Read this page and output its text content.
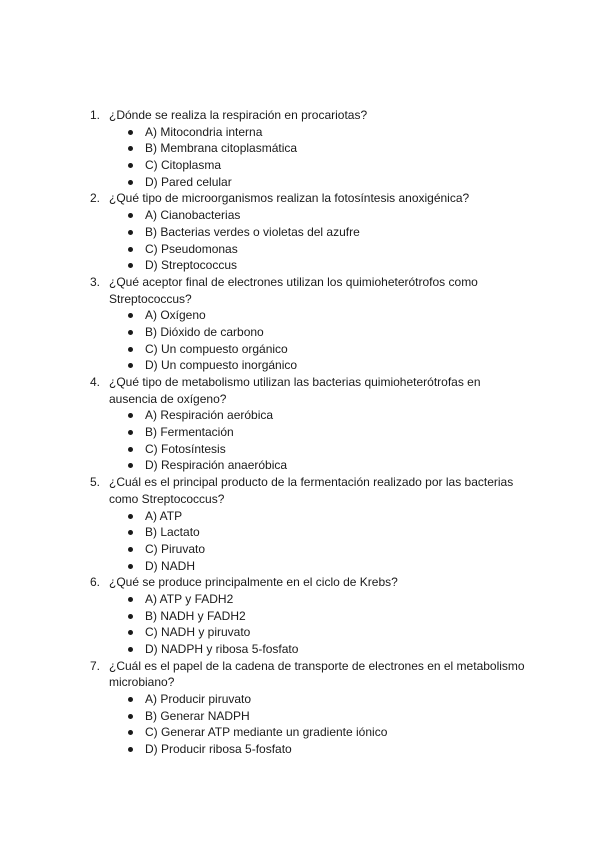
1. ¿Dónde se realiza la respiración en procariotas?
A) Mitocondria interna
B) Membrana citoplasmática
C) Citoplasma
D) Pared celular
2. ¿Qué tipo de microorganismos realizan la fotosíntesis anoxigénica?
A) Cianobacterias
B) Bacterias verdes o violetas del azufre
C) Pseudomonas
D) Streptococcus
3. ¿Qué aceptor final de electrones utilizan los quimioheterótrofos como
Streptococcus?
A) Oxígeno
B) Dióxido de carbono
C) Un compuesto orgánico
D) Un compuesto inorgánico
4. ¿Qué tipo de metabolismo utilizan las bacterias quimioheterótrofas en
ausencia de oxígeno?
A) Respiración aeróbica
B) Fermentación
C) Fotosíntesis
D) Respiración anaeróbica
5. ¿Cuál es el principal producto de la fermentación realizado por las bacterias
como Streptococcus?
A) ATP
B) Lactato
C) Piruvato
D) NADH
6. ¿Qué se produce principalmente en el ciclo de Krebs?
A) ATP y FADH2
B) NADH y FADH2
C) NADH y piruvato
D) NADPH y ribosa 5-fosfato
7. ¿Cuál es el papel de la cadena de transporte de electrones en el metabolismo
microbiano?
A) Producir piruvato
B) Generar NADPH
C) Generar ATP mediante un gradiente iónico
D) Producir ribosa 5-fosfato
